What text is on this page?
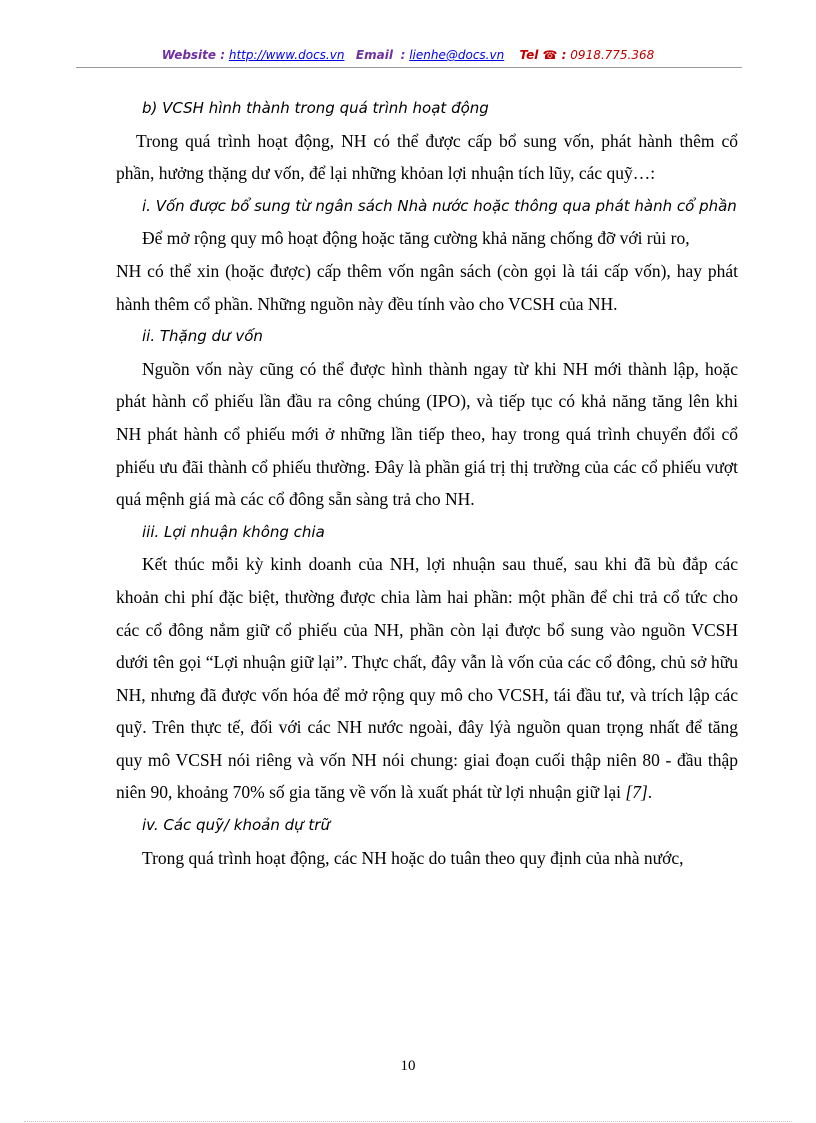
Website : http://www.docs.vn Email : lienhe@docs.vn Tel ☎ : 0918.775.368

b) VCSH hình thành trong quá trình hoạt động

Trong quá trình hoạt động, NH có thể được cấp bổ sung vốn, phát hành thêm cổ phần, hưởng thặng dư vốn, để lại những khỏan lợi nhuận tích lũy, các quỹ…:

i. Vốn được bổ sung từ ngân sách Nhà nước hoặc thông qua phát hành cổ phần

Để mở rộng quy mô hoạt động hoặc tăng cường khả năng chống đỡ với rủi ro,

NH có thể xin (hoặc được) cấp thêm vốn ngân sách (còn gọi là tái cấp vốn), hay phát hành thêm cổ phần. Những nguồn này đều tính vào cho VCSH của NH.

ii. Thặng dư vốn

Nguồn vốn này cũng có thể được hình thành ngay từ khi NH mới thành lập, hoặc phát hành cổ phiếu lần đầu ra công chúng (IPO), và tiếp tục có khả năng tăng lên khi NH phát hành cổ phiếu mới ở những lần tiếp theo, hay trong quá trình chuyển đổi cổ phiếu ưu đãi thành cổ phiếu thường. Đây là phần giá trị thị trường của các cổ phiếu vượt quá mệnh giá mà các cổ đông sẵn sàng trả cho NH.

iii. Lợi nhuận không chia

Kết thúc mỗi kỳ kinh doanh của NH, lợi nhuận sau thuế, sau khi đã bù đắp các khoản chi phí đặc biệt, thường được chia làm hai phần: một phần để chi trả cổ tức cho các cổ đông nắm giữ cổ phiếu của NH, phần còn lại được bổ sung vào nguồn VCSH dưới tên gọi “Lợi nhuận giữ lại”. Thực chất, đây vẫn là vốn của các cổ đông, chủ sở hữu NH, nhưng đã được vốn hóa để mở rộng quy mô cho VCSH, tái đầu tư, và trích lập các quỹ. Trên thực tế, đối với các NH nước ngoài, đây lýà nguồn quan trọng nhất để tăng quy mô VCSH nói riêng và vốn NH nói chung: giai đoạn cuối thập niên 80 - đầu thập niên 90, khoảng 70% số gia tăng về vốn là xuất phát từ lợi nhuận giữ lại [7].

iv. Các quỹ/ khoản dự trữ

Trong quá trình hoạt động, các NH hoặc do tuân theo quy định của nhà nước,

10
